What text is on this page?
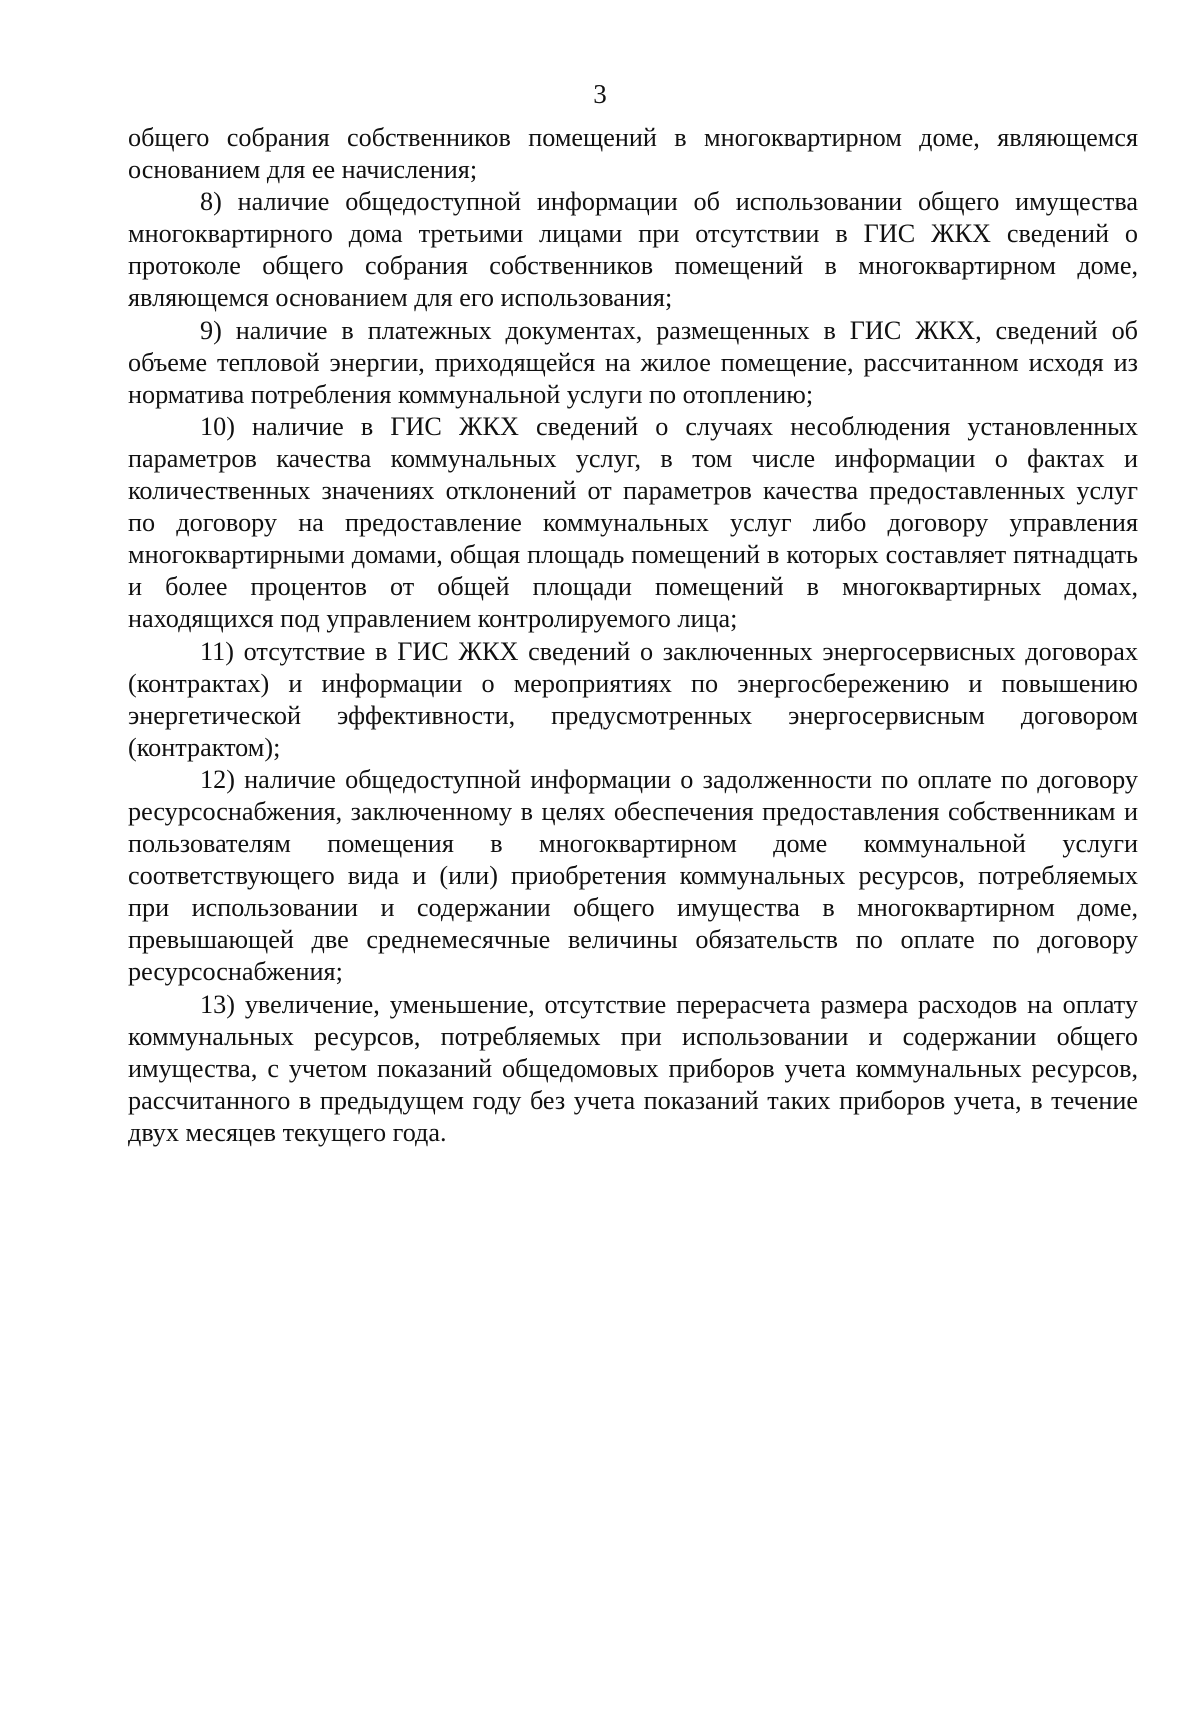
3

общего собрания собственников помещений в многоквартирном доме, являющемся основанием для ее начисления;

8) наличие общедоступной информации об использовании общего имущества многоквартирного дома третьими лицами при отсутствии в ГИС ЖКХ сведений о протоколе общего собрания собственников помещений в многоквартирном доме, являющемся основанием для его использования;

9) наличие в платежных документах, размещенных в ГИС ЖКХ, сведений об объеме тепловой энергии, приходящейся на жилое помещение, рассчитанном исходя из норматива потребления коммунальной услуги по отоплению;

10) наличие в ГИС ЖКХ сведений о случаях несоблюдения установленных параметров качества коммунальных услуг, в том числе информации о фактах и количественных значениях отклонений от параметров качества предоставленных услуг по договору на предоставление коммунальных услуг либо договору управления многоквартирными домами, общая площадь помещений в которых составляет пятнадцать и более процентов от общей площади помещений в многоквартирных домах, находящихся под управлением контролируемого лица;

11) отсутствие в ГИС ЖКХ сведений о заключенных энергосервисных договорах (контрактах) и информации о мероприятиях по энергосбережению и повышению энергетической эффективности, предусмотренных энергосервисным договором (контрактом);

12) наличие общедоступной информации о задолженности по оплате по договору ресурсоснабжения, заключенному в целях обеспечения предоставления собственникам и пользователям помещения в многоквартирном доме коммунальной услуги соответствующего вида и (или) приобретения коммунальных ресурсов, потребляемых при использовании и содержании общего имущества в многоквартирном доме, превышающей две среднемесячные величины обязательств по оплате по договору ресурсоснабжения;

13) увеличение, уменьшение, отсутствие перерасчета размера расходов на оплату коммунальных ресурсов, потребляемых при использовании и содержании общего имущества, с учетом показаний общедомовых приборов учета коммунальных ресурсов, рассчитанного в предыдущем году без учета показаний таких приборов учета, в течение двух месяцев текущего года.
